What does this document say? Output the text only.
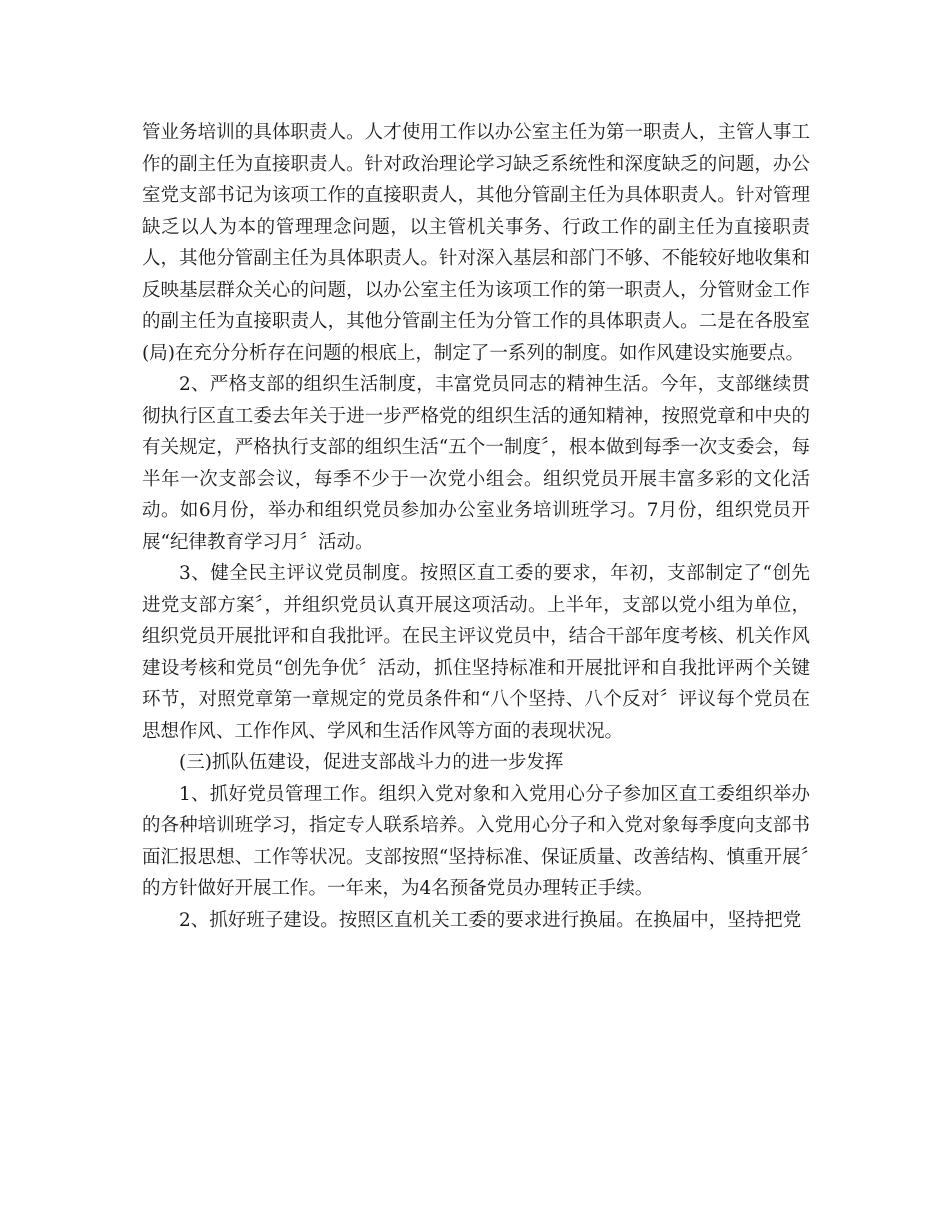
管业务培训的具体职责人。人才使用工作以办公室主任为第一职责人，主管人事工作的副主任为直接职责人。针对政治理论学习缺乏系统性和深度缺乏的问题，办公室党支部书记为该项工作的直接职责人，其他分管副主任为具体职责人。针对管理缺乏以人为本的管理理念问题，以主管机关事务、行政工作的副主任为直接职责人，其他分管副主任为具体职责人。针对深入基层和部门不够、不能较好地收集和反映基层群众关心的问题，以办公室主任为该项工作的第一职责人，分管财金工作的副主任为直接职责人，其他分管副主任为分管工作的具体职责人。二是在各股室(局)在充分分析存在问题的根底上，制定了一系列的制度。如作风建设实施要点。

2、严格支部的组织生活制度，丰富党员同志的精神生活。今年，支部继续贯彻执行区直工委去年关于进一步严格党的组织生活的通知精神，按照党章和中央的有关规定，严格执行支部的组织生活“五个一制度〞，根本做到每季一次支委会，每半年一次支部会议，每季不少于一次党小组会。组织党员开展丰富多彩的文化活动。如6月份，举办和组织党员参加办公室业务培训班学习。7月份，组织党员开展“纪律教育学习月〞活动。

3、健全民主评议党员制度。按照区直工委的要求，年初，支部制定了“创先进党支部方案〞，并组织党员认真开展这项活动。上半年，支部以党小组为单位，组织党员开展批评和自我批评。在民主评议党员中，结合干部年度考核、机关作风建设考核和党员“创先争优〞活动，抓住坚持标准和开展批评和自我批评两个关键环节，对照党章第一章规定的党员条件和“八个坚持、八个反对〞评议每个党员在思想作风、工作作风、学风和生活作风等方面的表现状况。

(三)抓队伍建设，促进支部战斗力的进一步发挥

1、抓好党员管理工作。组织入党对象和入党用心分子参加区直工委组织举办的各种培训班学习，指定专人联系培养。入党用心分子和入党对象每季度向支部书面汇报思想、工作等状况。支部按照“坚持标准、保证质量、改善结构、慎重开展〞的方针做好开展工作。一年来，为4名预备党员办理转正手续。

2、抓好班子建设。按照区直机关工委的要求进行换届。在换届中，坚持把党
